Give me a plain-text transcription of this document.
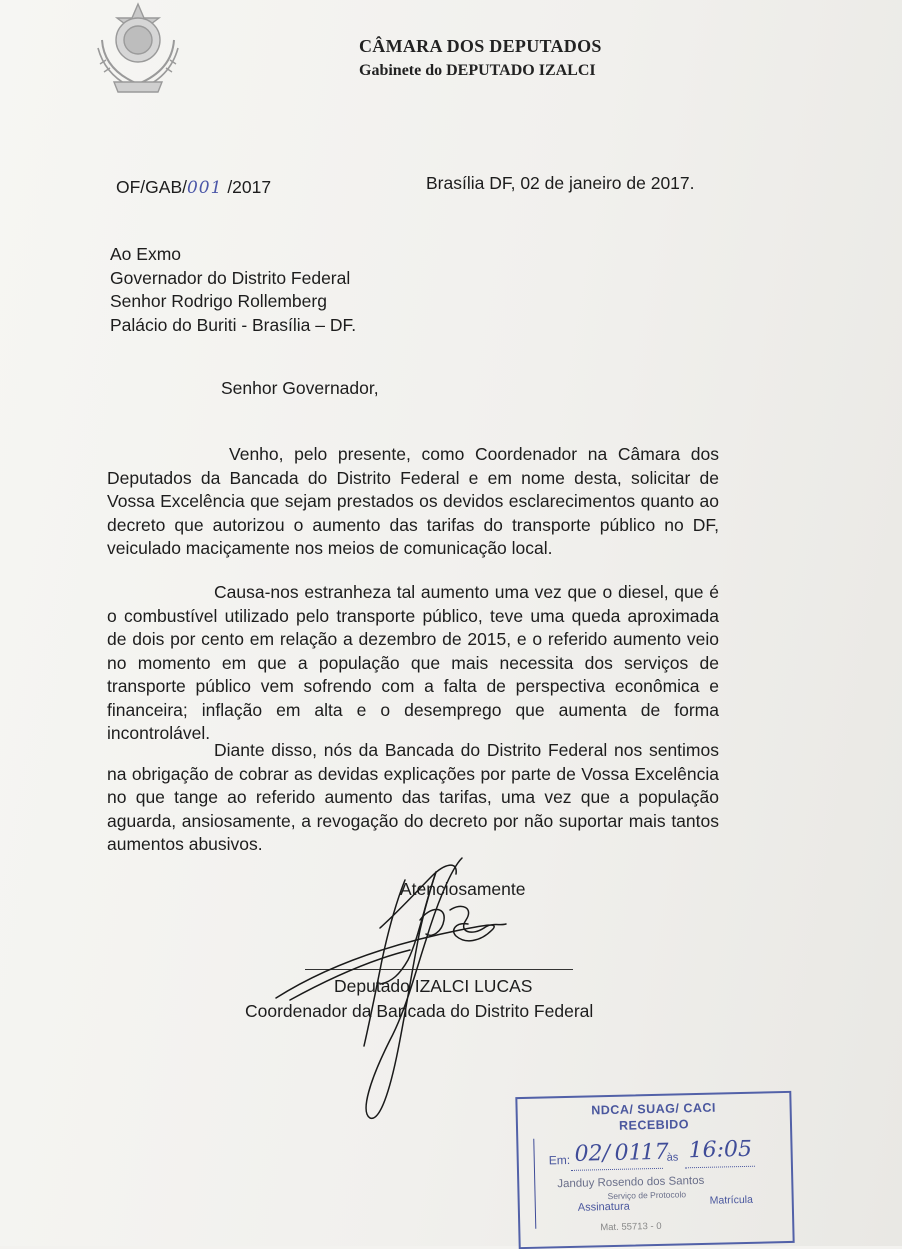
CÂMARA DOS DEPUTADOS
Gabinete do DEPUTADO IZALCI
OF/GAB/001 /2017	Brasília DF, 02 de janeiro de 2017.
Ao Exmo
Governador do Distrito Federal
Senhor Rodrigo Rollemberg
Palácio do Buriti - Brasília – DF.
Senhor Governador,
Venho, pelo presente, como Coordenador na Câmara dos Deputados da Bancada do Distrito Federal e em nome desta, solicitar de Vossa Excelência que sejam prestados os devidos esclarecimentos quanto ao decreto que autorizou o aumento das tarifas do transporte público no DF, veiculado maciçamente nos meios de comunicação local.
Causa-nos estranheza tal aumento uma vez que o diesel, que é o combustível utilizado pelo transporte público, teve uma queda aproximada de dois por cento em relação a dezembro de 2015, e o referido aumento veio no momento em que a população que mais necessita dos serviços de transporte público vem sofrendo com a falta de perspectiva econômica e financeira; inflação em alta e o desemprego que aumenta de forma incontrolável.
Diante disso, nós da Bancada do Distrito Federal nos sentimos na obrigação de cobrar as devidas explicações por parte de Vossa Excelência no que tange ao referido aumento das tarifas, uma vez que a população aguarda, ansiosamente, a revogação do decreto por não suportar mais tantos aumentos abusivos.
Atenciosamente
Deputado IZALCI LUCAS
Coordenador da Bancada do Distrito Federal
NDCA/ SUAG/ CACI
RECEBIDO
Em: 02 / 01
17
às 16:05
Janduy Rosendo dos Santos
Serviço de Protocolo
Assinatura
Matrícula
Mat. 55713 - 0
